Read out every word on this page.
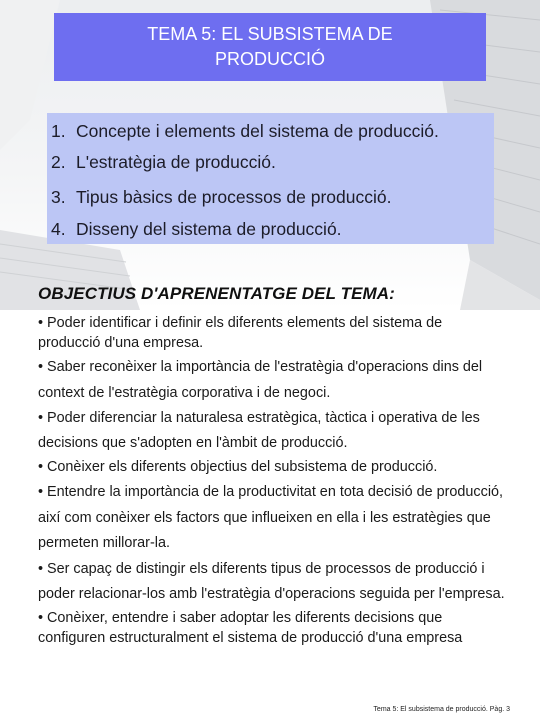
TEMA 5: EL SUBSISTEMA DE
PRODUCCIÓ
1. Concepte i elements del sistema de producció.
2. L'estratègia de producció.
3. Tipus bàsics de processos de producció.
4. Disseny del sistema de producció.
OBJECTIUS D'APRENENTATGE DEL TEMA:
• Poder identificar i definir els diferents elements del sistema de producció d'una empresa.
• Saber reconèixer la importància de l'estratègia d'operacions dins del context de l'estratègia corporativa i de negoci.
• Poder diferenciar la naturalesa estratègica, tàctica i operativa de les decisions que s'adopten en l'àmbit de producció.
• Conèixer els diferents objectius del subsistema de producció.
• Entendre la importància de la productivitat en tota decisió de producció, així com conèixer els factors que influeixen en ella i les estratègies que permeten millorar-la.
• Ser capaç de distingir els diferents tipus de processos de producció i poder relacionar-los amb l'estratègia d'operacions seguida per l'empresa.
• Conèixer, entendre i saber adoptar les diferents decisions que configuren estructuralment el sistema de producció d'una empresa
Tema 5: El subsistema de producció. Pàg. 3
